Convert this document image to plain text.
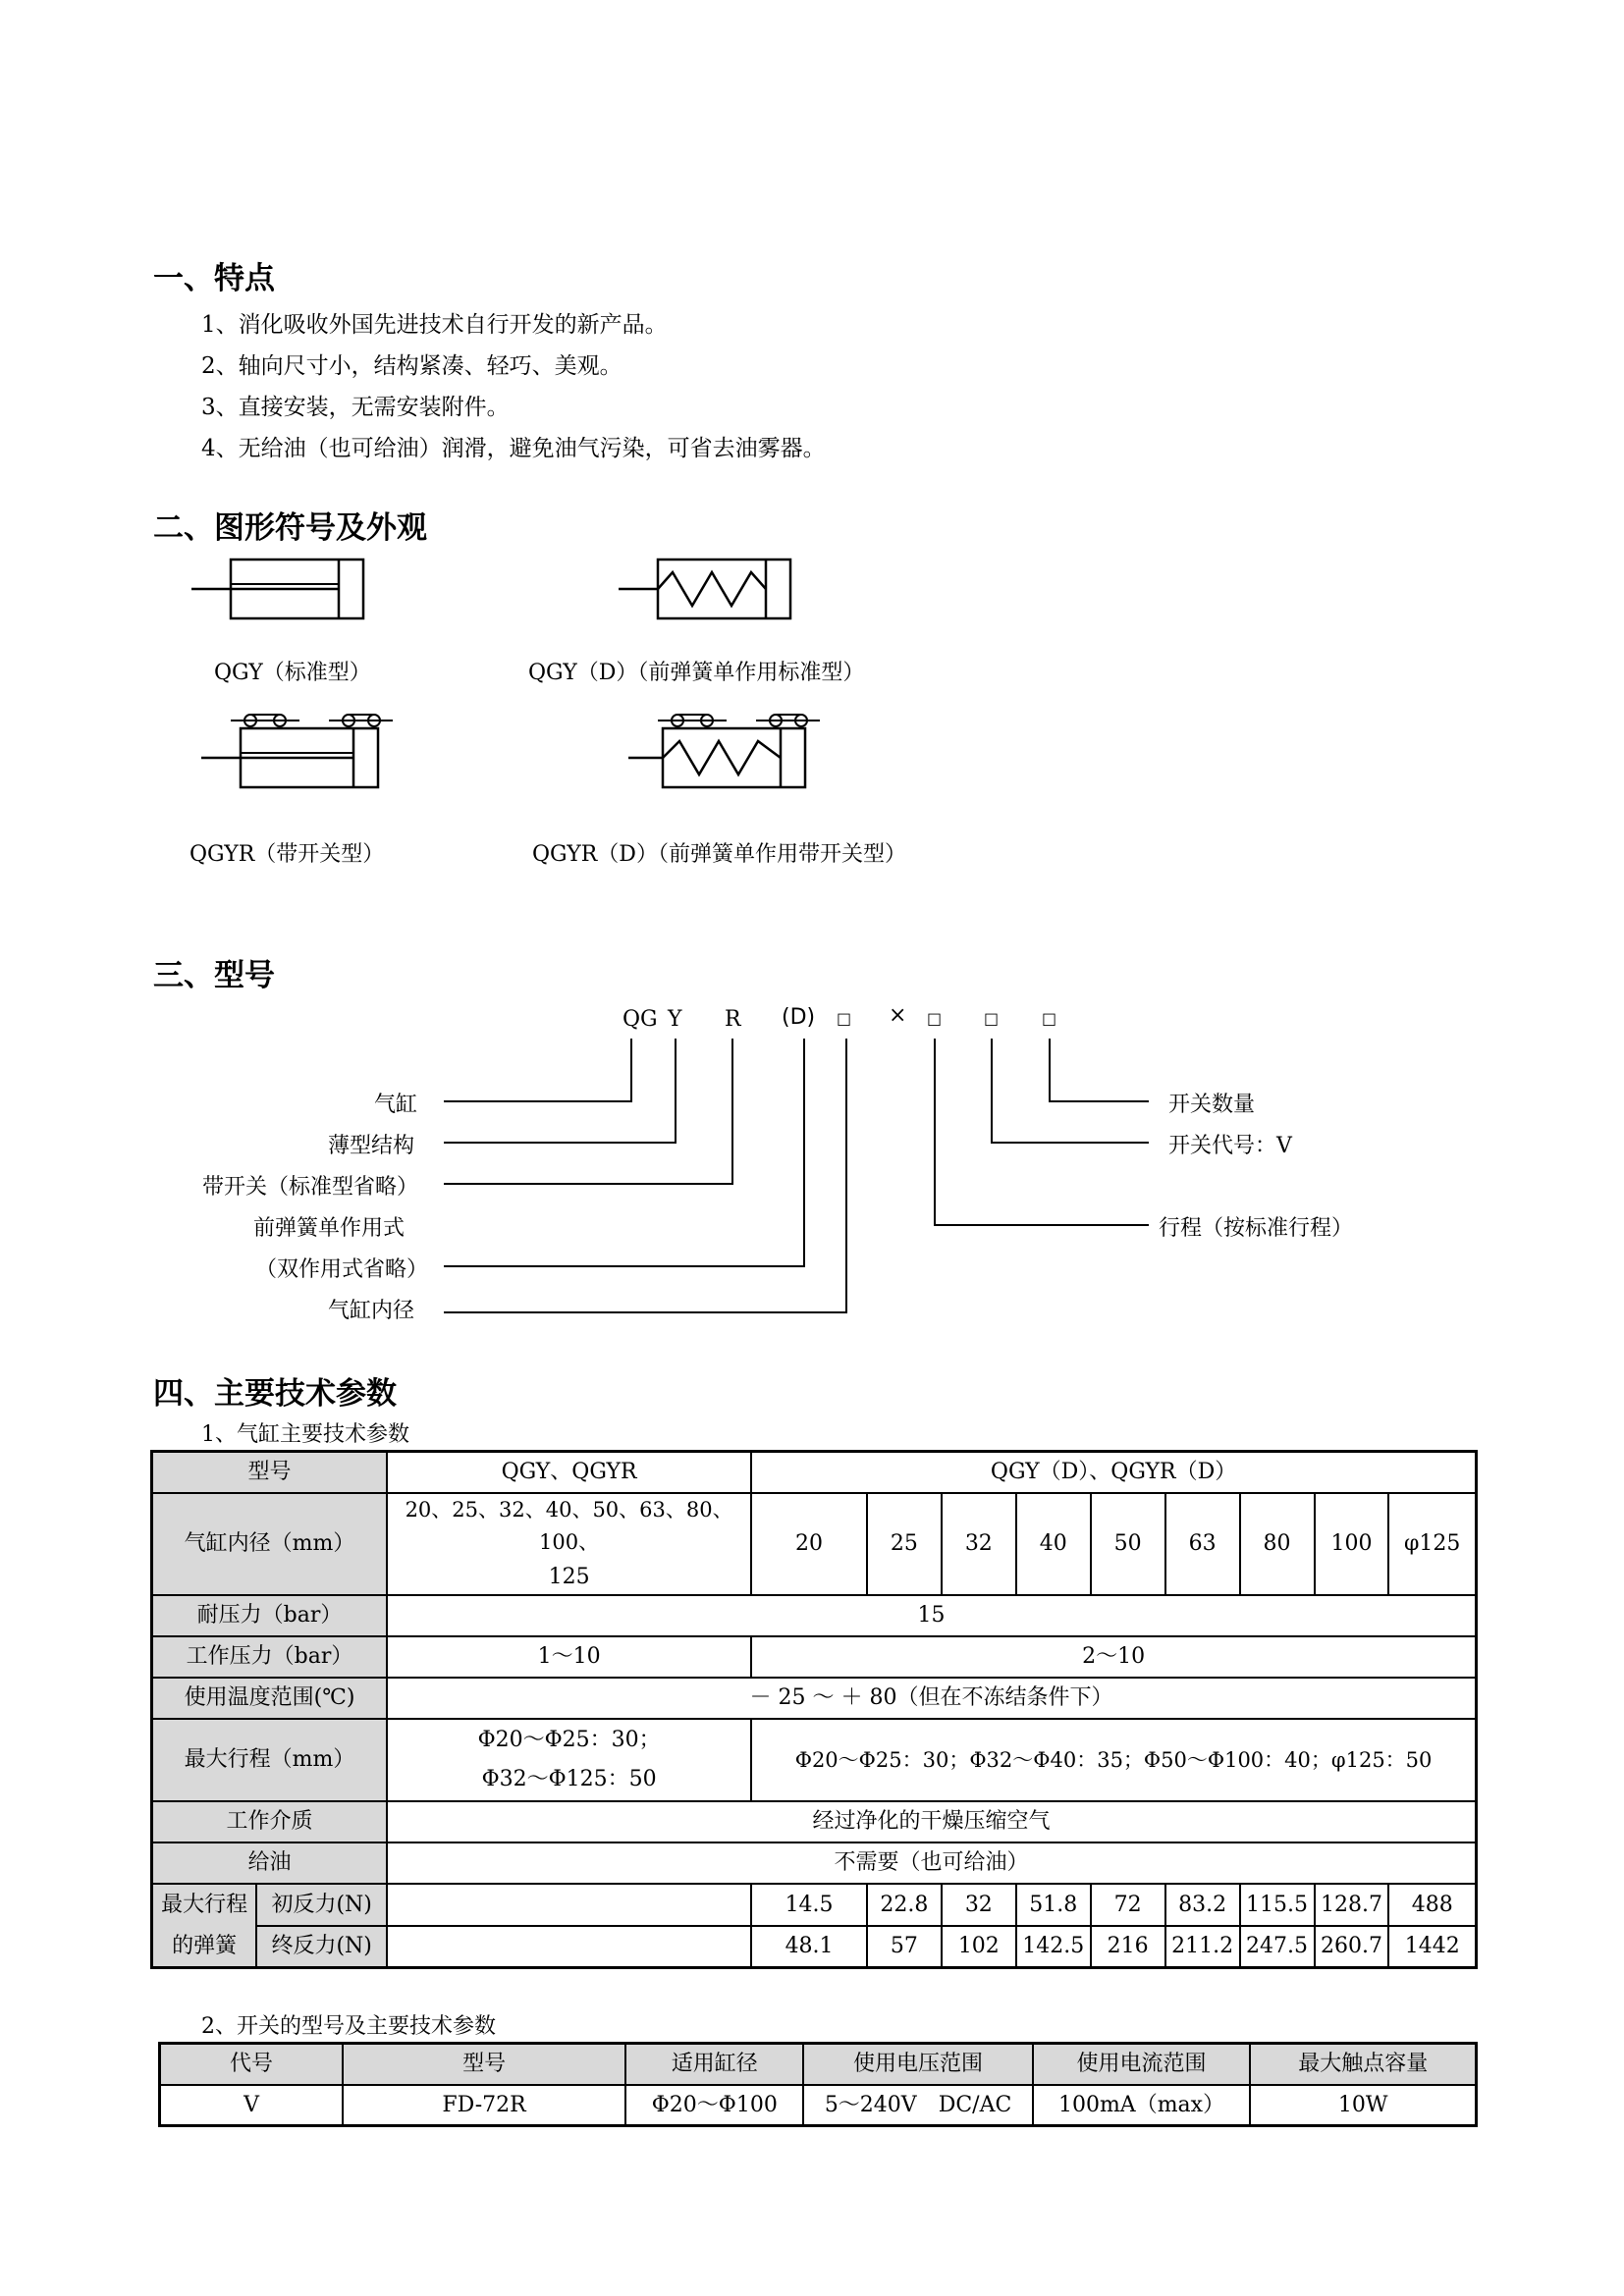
一、特点
1、消化吸收外国先进技术自行开发的新产品。
2、轴向尺寸小，结构紧凑、轻巧、美观。
3、直接安装，无需安装附件。
4、无给油（也可给油）润滑，避免油气污染，可省去油雾器。
二、图形符号及外观
QGY（标准型）	QGY（D）（前弹簧单作用标准型）
QGYR（带开关型）	QGYR（D）（前弹簧单作用带开关型）
三、型号
QG Y R (D) □ × □	□	□
气缸
薄型结构
带开关（标准型省略）
前弹簧单作用式
（双作用式省略）
气缸内径
开关数量
开关代号：V
行程（按标准行程）
四、主要技术参数
1、气缸主要技术参数
型号		QGY、QGYR	QGY（D）、QGYR（D）								
气缸内径（mm）		20、25、32、40、50、63、80、100、
125	20	25	32	40	50	63	80	100	φ125
耐压力（bar）		15									
工作压力（bar）		1～10	2～10								
使用温度范围(℃)		－ 25 ～ ＋ 80（但在不冻结条件下）									
最大行程（mm）		Φ20～Φ25：30；
Φ32～Φ125：50	Φ20～Φ25：30；Φ32～Φ40：35；Φ50～Φ100：40；φ125：50								
工作介质		经过净化的干燥压缩空气									
给油		不需要（也可给油）									

最大行程
的弹簧	初反力(N)		14.5	22.8	32	51.8	72	83.2	115.5	128.7	488
	终反力(N)		48.1	57	102	142.5	216	211.2	247.5	260.7	1442
2、开关的型号及主要技术参数
代号	型号	适用缸径	使用电压范围	使用电流范围	最大触点容量
V	FD-72R	Φ20～Φ100	5～240V　DC/AC	100mA（max）	10W
